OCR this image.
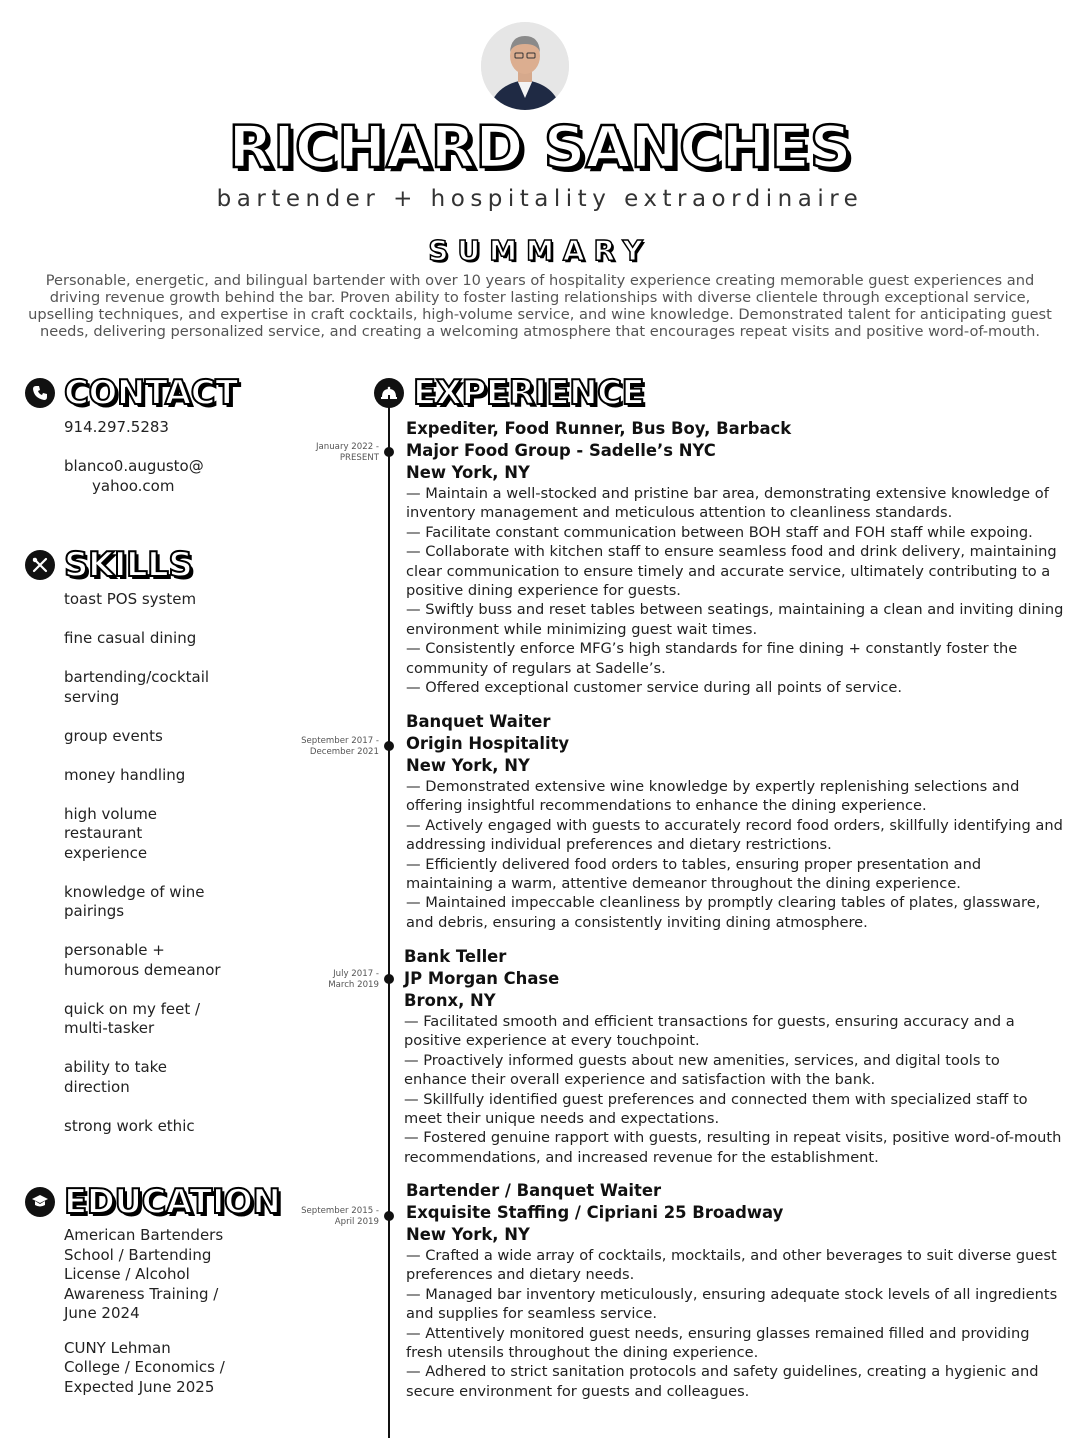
RICHARD SANCHES
bartender + hospitality extraordinaire
SUMMARY
Personable, energetic, and bilingual bartender with over 10 years of hospitality experience creating memorable guest experiences and driving revenue growth behind the bar. Proven ability to foster lasting relationships with diverse clientele through exceptional service, upselling techniques, and expertise in craft cocktails, high-volume service, and wine knowledge. Demonstrated talent for anticipating guest needs, delivering personalized service, and creating a welcoming atmosphere that encourages repeat visits and positive word-of-mouth.
CONTACT
914.297.5283
blanco0.augusto@
yahoo.com
SKILLS
toast POS system
fine casual dining
bartending/cocktail serving
group events
money handling
high volume restaurant experience
knowledge of wine pairings
personable + humorous demeanor
quick on my feet / multi-tasker
ability to take direction
strong work ethic
EDUCATION
American Bartenders School / Bartending License / Alcohol Awareness Training / June 2024
CUNY Lehman College / Economics / Expected June 2025
EXPERIENCE
January 2022 -
PRESENT
Expediter, Food Runner, Bus Boy, Barback
Major Food Group - Sadelle’s NYC
New York, NY
— Maintain a well-stocked and pristine bar area, demonstrating extensive knowledge of inventory management and meticulous attention to cleanliness standards.
— Facilitate constant communication between BOH staff and FOH staff while expoing.
— Collaborate with kitchen staff to ensure seamless food and drink delivery, maintaining clear communication to ensure timely and accurate service, ultimately contributing to a positive dining experience for guests.
— Swiftly buss and reset tables between seatings, maintaining a clean and inviting dining environment while minimizing guest wait times.
— Consistently enforce MFG’s high standards for fine dining + constantly foster the community of regulars at Sadelle’s.
— Offered exceptional customer service during all points of service.
September 2017 -
December 2021
Banquet Waiter
Origin Hospitality
New York, NY
— Demonstrated extensive wine knowledge by expertly replenishing selections and offering insightful recommendations to enhance the dining experience.
— Actively engaged with guests to accurately record food orders, skillfully identifying and addressing individual preferences and dietary restrictions.
— Efficiently delivered food orders to tables, ensuring proper presentation and maintaining a warm, attentive demeanor throughout the dining experience.
— Maintained impeccable cleanliness by promptly clearing tables of plates, glassware, and debris, ensuring a consistently inviting dining atmosphere.
July 2017 -
March 2019
Bank Teller
JP Morgan Chase
Bronx, NY
— Facilitated smooth and efficient transactions for guests, ensuring accuracy and a positive experience at every touchpoint.
— Proactively informed guests about new amenities, services, and digital tools to enhance their overall experience and satisfaction with the bank.
— Skillfully identified guest preferences and connected them with specialized staff to meet their unique needs and expectations.
— Fostered genuine rapport with guests, resulting in repeat visits, positive word-of-mouth recommendations, and increased revenue for the establishment.
September 2015 -
April 2019
Bartender / Banquet Waiter
Exquisite Staffing / Cipriani 25 Broadway
New York, NY
— Crafted a wide array of cocktails, mocktails, and other beverages to suit diverse guest preferences and dietary needs.
— Managed bar inventory meticulously, ensuring adequate stock levels of all ingredients and supplies for seamless service.
— Attentively monitored guest needs, ensuring glasses remained filled and providing fresh utensils throughout the dining experience.
— Adhered to strict sanitation protocols and safety guidelines, creating a hygienic and secure environment for guests and colleagues.
